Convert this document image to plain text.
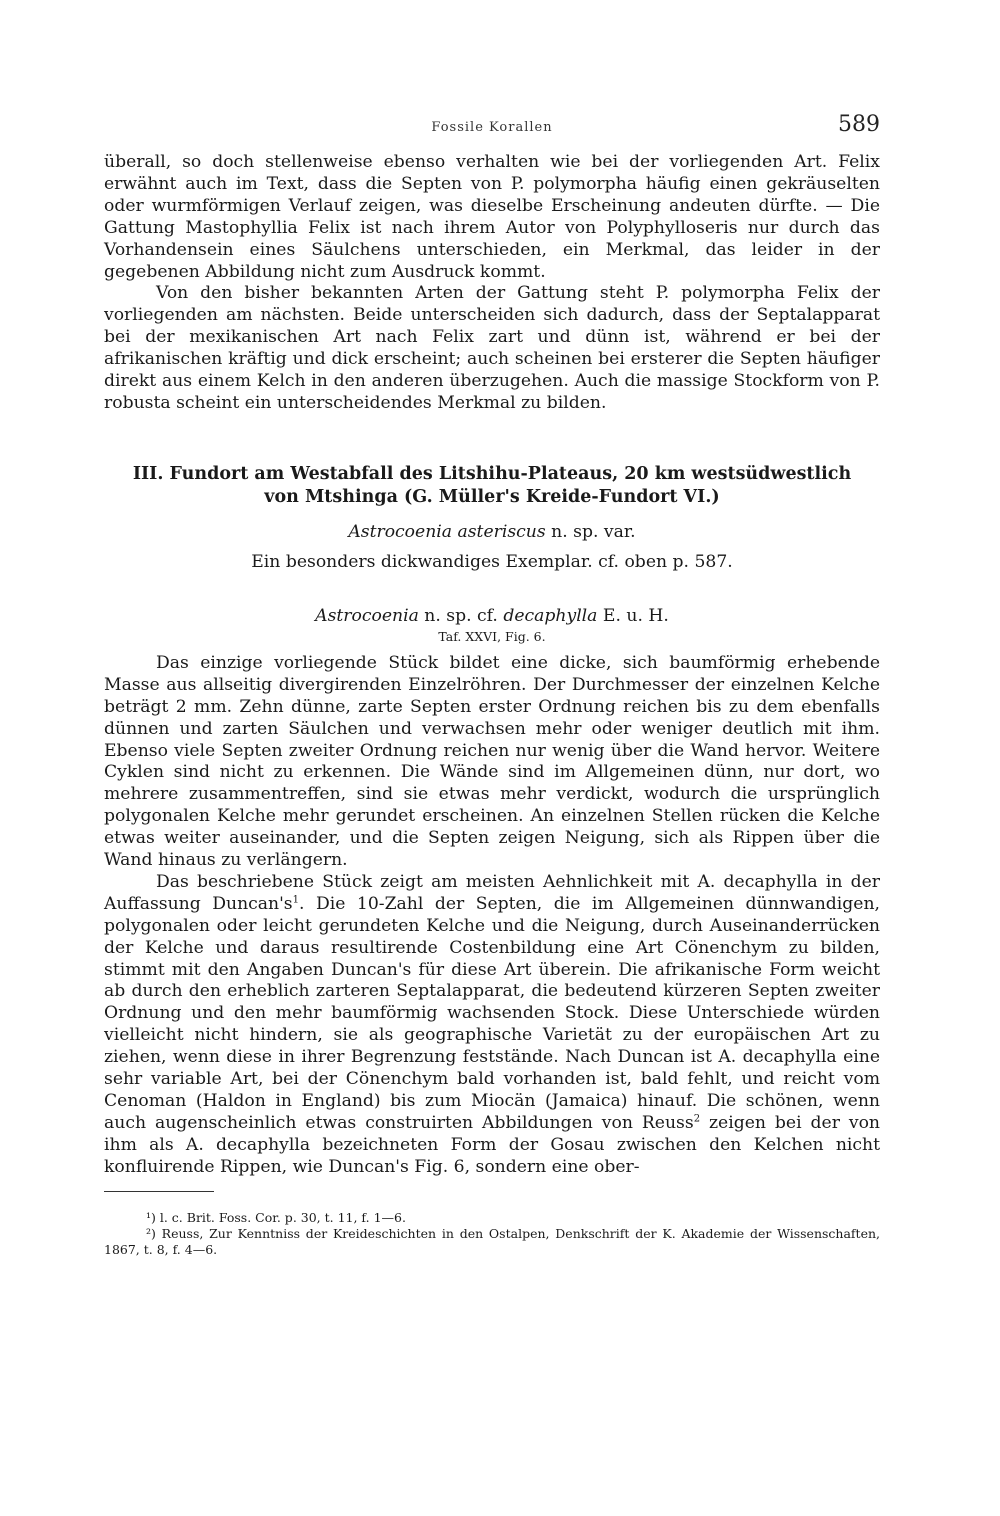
Fossile Korallen	589

überall, so doch stellenweise ebenso verhalten wie bei der vorliegenden Art. Felix erwähnt auch im Text, dass die Septen von P. polymorpha häufig einen gekräuselten oder wurmförmigen Verlauf zeigen, was dieselbe Erscheinung andeuten dürfte. — Die Gattung Mastophyllia Felix ist nach ihrem Autor von Polyphylloseris nur durch das Vorhandensein eines Säulchens unterschieden, ein Merkmal, das leider in der gegebenen Abbildung nicht zum Ausdruck kommt.

Von den bisher bekannten Arten der Gattung steht P. polymorpha Felix der vorliegenden am nächsten. Beide unterscheiden sich dadurch, dass der Septalapparat bei der mexikanischen Art nach Felix zart und dünn ist, während er bei der afrikanischen kräftig und dick erscheint; auch scheinen bei ersterer die Septen häufiger direkt aus einem Kelch in den anderen überzugehen. Auch die massige Stockform von P. robusta scheint ein unterscheidendes Merkmal zu bilden.

III. Fundort am Westabfall des Litshihu-Plateaus, 20 km westsüdwestlich
von Mtshinga (G. Müller's Kreide-Fundort VI.)
Astrocoenia asteriscus n. sp. var.
Ein besonders dickwandiges Exemplar. cf. oben p. 587.
Astrocoenia n. sp. cf. decaphylla E. u. H.
Taf. XXVI, Fig. 6.

Das einzige vorliegende Stück bildet eine dicke, sich baumförmig erhebende Masse aus allseitig divergirenden Einzelröhren. Der Durchmesser der einzelnen Kelche beträgt 2 mm. Zehn dünne, zarte Septen erster Ordnung reichen bis zu dem ebenfalls dünnen und zarten Säulchen und verwachsen mehr oder weniger deutlich mit ihm. Ebenso viele Septen zweiter Ordnung reichen nur wenig über die Wand hervor. Weitere Cyklen sind nicht zu erkennen. Die Wände sind im Allgemeinen dünn, nur dort, wo mehrere zusammentreffen, sind sie etwas mehr verdickt, wodurch die ursprünglich polygonalen Kelche mehr gerundet erscheinen. An einzelnen Stellen rücken die Kelche etwas weiter auseinander, und die Septen zeigen Neigung, sich als Rippen über die Wand hinaus zu verlängern.

Das beschriebene Stück zeigt am meisten Aehnlichkeit mit A. decaphylla in der Auffassung $Duncan's^1$. Die 10-Zahl der Septen, die im Allgemeinen dünnwandigen, polygonalen oder leicht gerundeten Kelche und die Neigung, durch Auseinanderrücken der Kelche und daraus resultirende Costenbildung eine Art Cönenchym zu bilden, stimmt mit den Angaben Duncan's für diese Art überein. Die afrikanische Form weicht ab durch den erheblich zarteren Septalapparat, die bedeutend kürzeren Septen zweiter Ordnung und den mehr baumförmig wachsenden Stock. Diese Unterschiede würden vielleicht nicht hindern, sie als geographische Varietät zu der europäischen Art zu ziehen, wenn diese in ihrer Begrenzung feststände. Nach Duncan ist A. decaphylla eine sehr variable Art, bei der Cönenchym bald vorhanden ist, bald fehlt, und reicht vom Cenoman (Haldon in England) bis zum Miocän (Jamaica) hinauf. Die schönen, wenn auch augenscheinlich etwas construirten Abbildungen von Reuss$^2$ zeigen bei der von ihm als A. decaphylla bezeichneten Form der Gosau zwischen den Kelchen nicht konfluirende Rippen, wie Duncan's Fig. 6, sondern eine ober-

¹) l. c. Brit. Foss. Cor. p. 30, t. 11, f. 1—6.
²) Reuss, Zur Kenntniss der Kreideschichten in den Ostalpen, Denkschrift der K. Akademie der Wissenschaften, 1867, t. 8, f. 4—6.
